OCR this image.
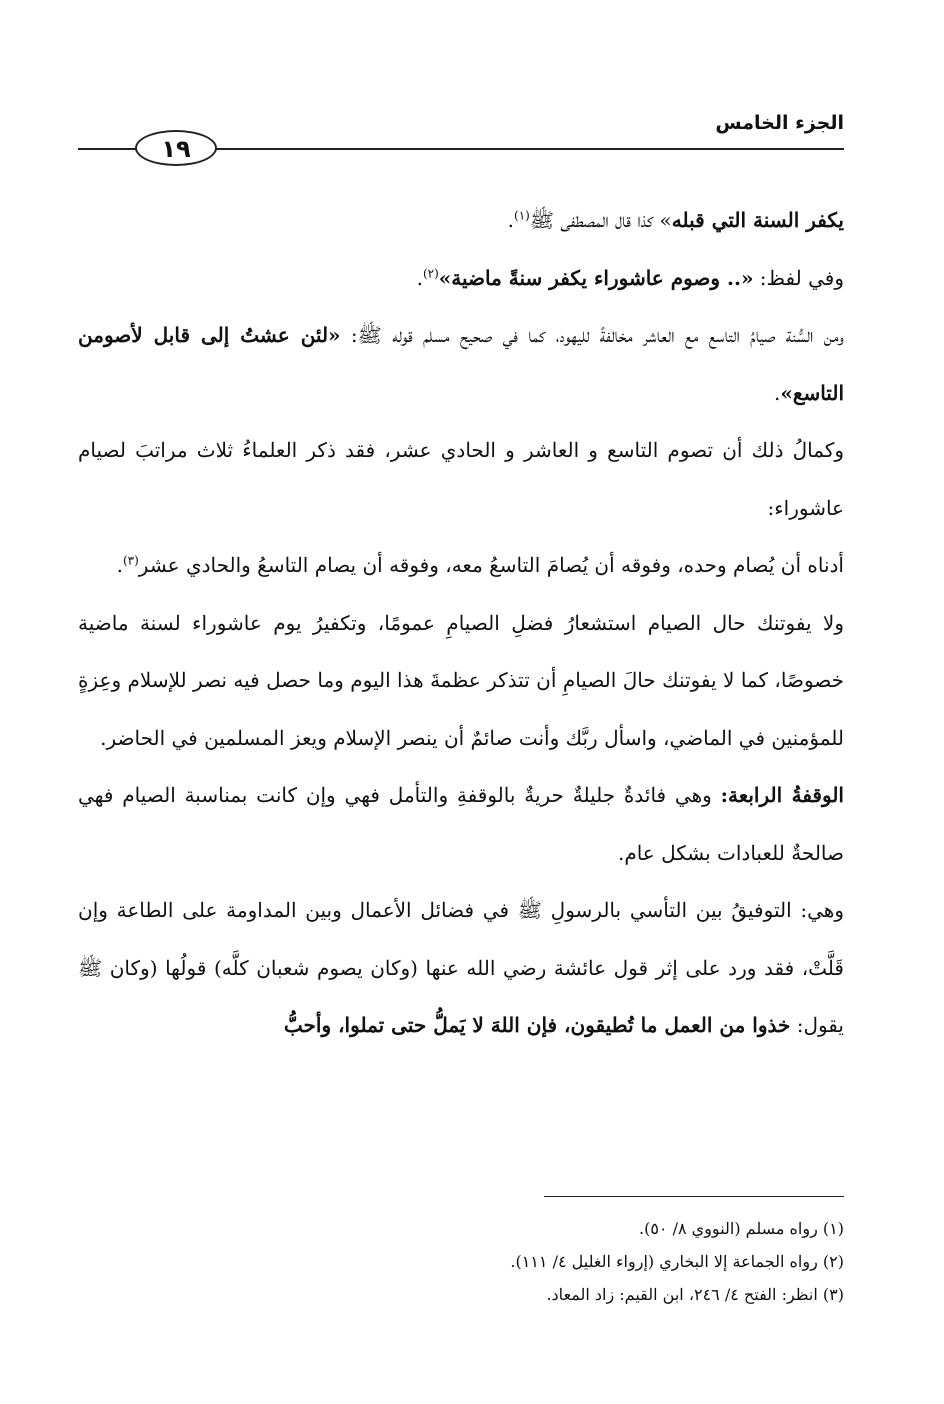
الجزء الخامس
١٩

يكفر السنة التي قبله» كذا قال المصطفى ﷺ$^{(١)}$.

وفي لفظ: «.. وصوم عاشوراء يكفر سنةً ماضية»$^{(٢)}$.

ومن السُّنة صيامُ التاسع مع العاشر مخالفةً لليهود، كما في صحيح مسلم قوله ﷺ: «لئن عشتُ إلى قابل لأصومن التاسع».

وكمالُ ذلك أن تصوم التاسع و العاشر و الحادي عشر، فقد ذكر العلماءُ ثلاث مراتبَ لصيام عاشوراء:

أدناه أن يُصام وحده، وفوقه أن يُصامَ التاسعُ معه، وفوقه أن يصام التاسعُ والحادي عشر$^{(٣)}$.

ولا يفوتنك حال الصيام استشعارُ فضلِ الصيامِ عمومًا، وتكفيرُ يوم عاشوراء لسنة ماضية خصوصًا، كما لا يفوتنك حالَ الصيامِ أن تتذكر عظمةَ هذا اليوم وما حصل فيه نصر للإسلام وعِزةٍ للمؤمنين في الماضي، واسأل ربَّك وأنت صائمٌ أن ينصر الإسلام ويعز المسلمين في الحاضر.

الوقفةُ الرابعة: وهي فائدةٌ جليلةٌ حريةٌ بالوقفةِ والتأمل فهي وإن كانت بمناسبة الصيام فهي صالحةٌ للعبادات بشكل عام.

وهي: التوفيقُ بين التأسي بالرسولِ ﷺ في فضائل الأعمال وبين المداومة على الطاعة وإن قَلَّتْ، فقد ورد على إثر قول عائشة رضي الله عنها (وكان يصوم شعبان كلَّه) قولُها (وكان ﷺ يقول: خذوا من العمل ما تُطيقون، فإن اللهَ لا يَملُّ حتى تملوا، وأحبُّ

(١) رواه مسلم (النووي ٨/ ٥٠).
(٢) رواه الجماعة إلا البخاري (إرواء الغليل ٤/ ١١١).
(٣) انظر: الفتح ٤/ ٢٤٦، ابن القيم: زاد المعاد.
